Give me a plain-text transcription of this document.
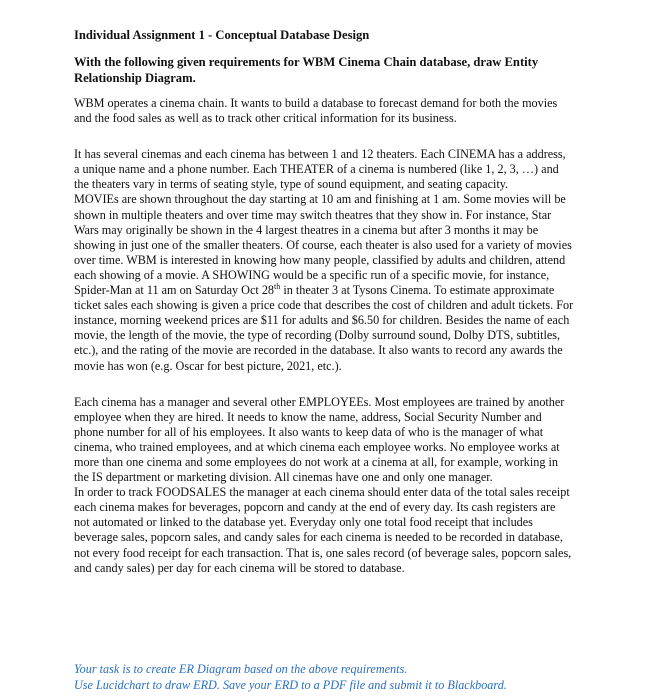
Individual Assignment 1 - Conceptual Database Design

With the following given requirements for WBM Cinema Chain database, draw Entity Relationship Diagram.

WBM operates a cinema chain. It wants to build a database to forecast demand for both the movies and the food sales as well as to track other critical information for its business.

It has several cinemas and each cinema has between 1 and 12 theaters. Each CINEMA has a address, a unique name and a phone number. Each THEATER of a cinema is numbered (like 1, 2, 3, …) and the theaters vary in terms of seating style, type of sound equipment, and seating capacity.

MOVIEs are shown throughout the day starting at 10 am and finishing at 1 am. Some movies will be shown in multiple theaters and over time may switch theatres that they show in. For instance, Star Wars may originally be shown in the 4 largest theatres in a cinema but after 3 months it may be showing in just one of the smaller theaters. Of course, each theater is also used for a variety of movies over time. WBM is interested in knowing how many people, classified by adults and children, attend each showing of a movie. A SHOWING would be a specific run of a specific movie, for instance, Spider-Man at 11 am on Saturday Oct 28th in theater 3 at Tysons Cinema. To estimate approximate ticket sales each showing is given a price code that describes the cost of children and adult tickets. For instance, morning weekend prices are $11 for adults and $6.50 for children. Besides the name of each movie, the length of the movie, the type of recording (Dolby surround sound, Dolby DTS, subtitles, etc.), and the rating of the movie are recorded in the database. It also wants to record any awards the movie has won (e.g. Oscar for best picture, 2021, etc.).

Each cinema has a manager and several other EMPLOYEEs. Most employees are trained by another employee when they are hired. It needs to know the name, address, Social Security Number and phone number for all of his employees. It also wants to keep data of who is the manager of what cinema, who trained employees, and at which cinema each employee works. No employee works at more than one cinema and some employees do not work at a cinema at all, for example, working in the IS department or marketing division. All cinemas have one and only one manager.

In order to track FOODSALES the manager at each cinema should enter data of the total sales receipt each cinema makes for beverages, popcorn and candy at the end of every day. Its cash registers are not automated or linked to the database yet. Everyday only one total food receipt that includes beverage sales, popcorn sales, and candy sales for each cinema is needed to be recorded in database, not every food receipt for each transaction. That is, one sales record (of beverage sales, popcorn sales, and candy sales) per day for each cinema will be stored to database.

Your task is to create ER Diagram based on the above requirements.

Use Lucidchart to draw ERD. Save your ERD to a PDF file and submit it to Blackboard.
